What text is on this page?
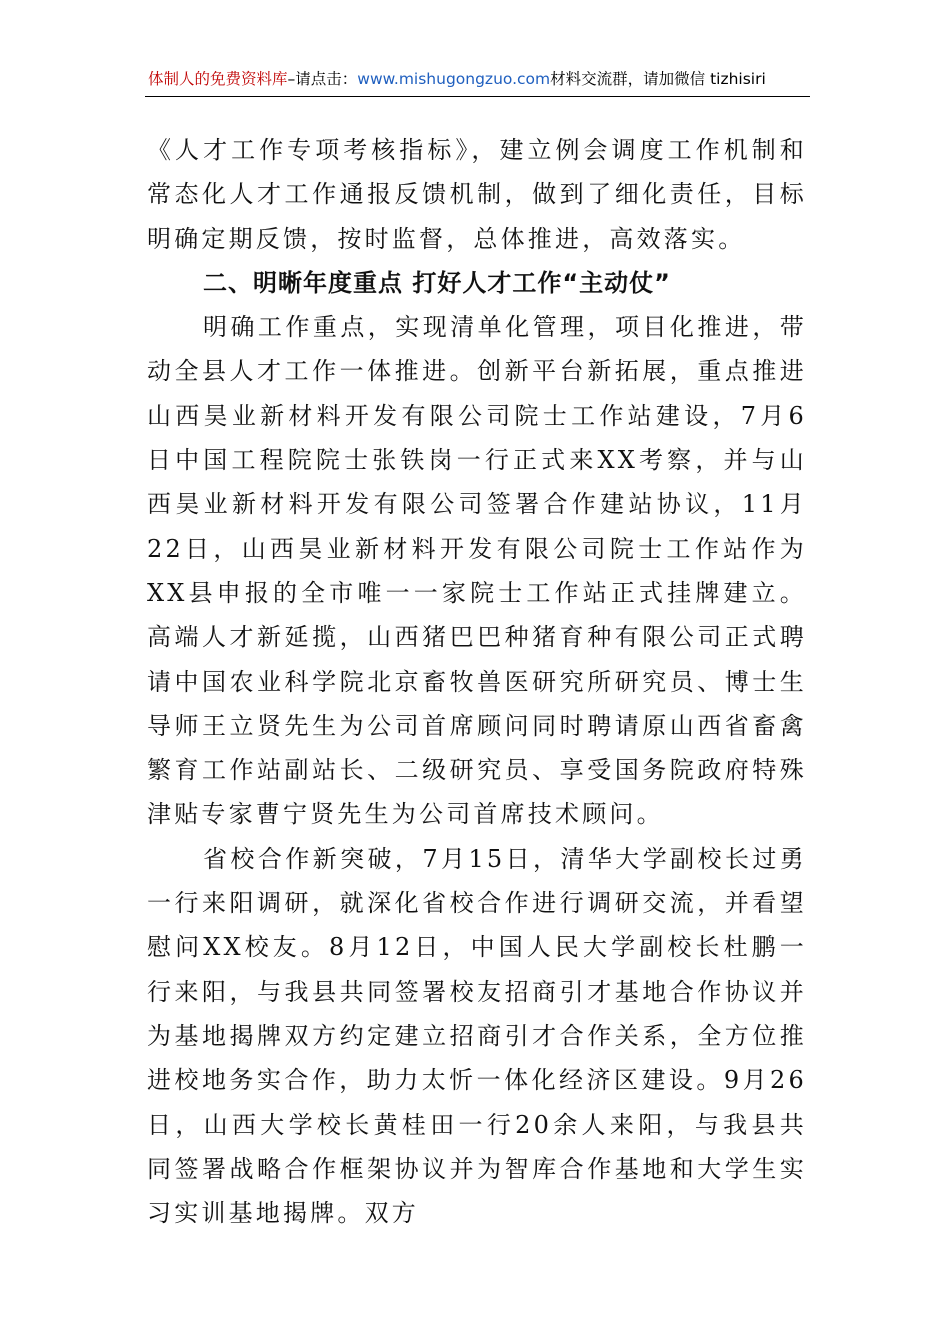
体制人的免费资料库–请点击：www.mishugongzuo.com材料交流群，请加微信 tizhisiri

《人才工作专项考核指标》，建立例会调度工作机制和常态化人才工作通报反馈机制，做到了细化责任，目标明确定期反馈，按时监督，总体推进，高效落实。

二、明晰年度重点 打好人才工作“主动仗”

明确工作重点，实现清单化管理，项目化推进，带动全县人才工作一体推进。创新平台新拓展，重点推进山西昊业新材料开发有限公司院士工作站建设，7月6日中国工程院院士张铁岗一行正式来XX考察，并与山西昊业新材料开发有限公司签署合作建站协议，11月22日，山西昊业新材料开发有限公司院士工作站作为XX县申报的全市唯一一家院士工作站正式挂牌建立。高端人才新延揽，山西猪巴巴种猪育种有限公司正式聘请中国农业科学院北京畜牧兽医研究所研究员、博士生导师王立贤先生为公司首席顾问同时聘请原山西省畜禽繁育工作站副站长、二级研究员、享受国务院政府特殊津贴专家曹宁贤先生为公司首席技术顾问。

省校合作新突破，7月15日，清华大学副校长过勇一行来阳调研，就深化省校合作进行调研交流，并看望慰问XX校友。8月12日，中国人民大学副校长杜鹏一行来阳，与我县共同签署校友招商引才基地合作协议并为基地揭牌双方约定建立招商引才合作关系，全方位推进校地务实合作，助力太忻一体化经济区建设。9月26日，山西大学校长黄桂田一行20余人来阳，与我县共同签署战略合作框架协议并为智库合作基地和大学生实习实训基地揭牌。双方
